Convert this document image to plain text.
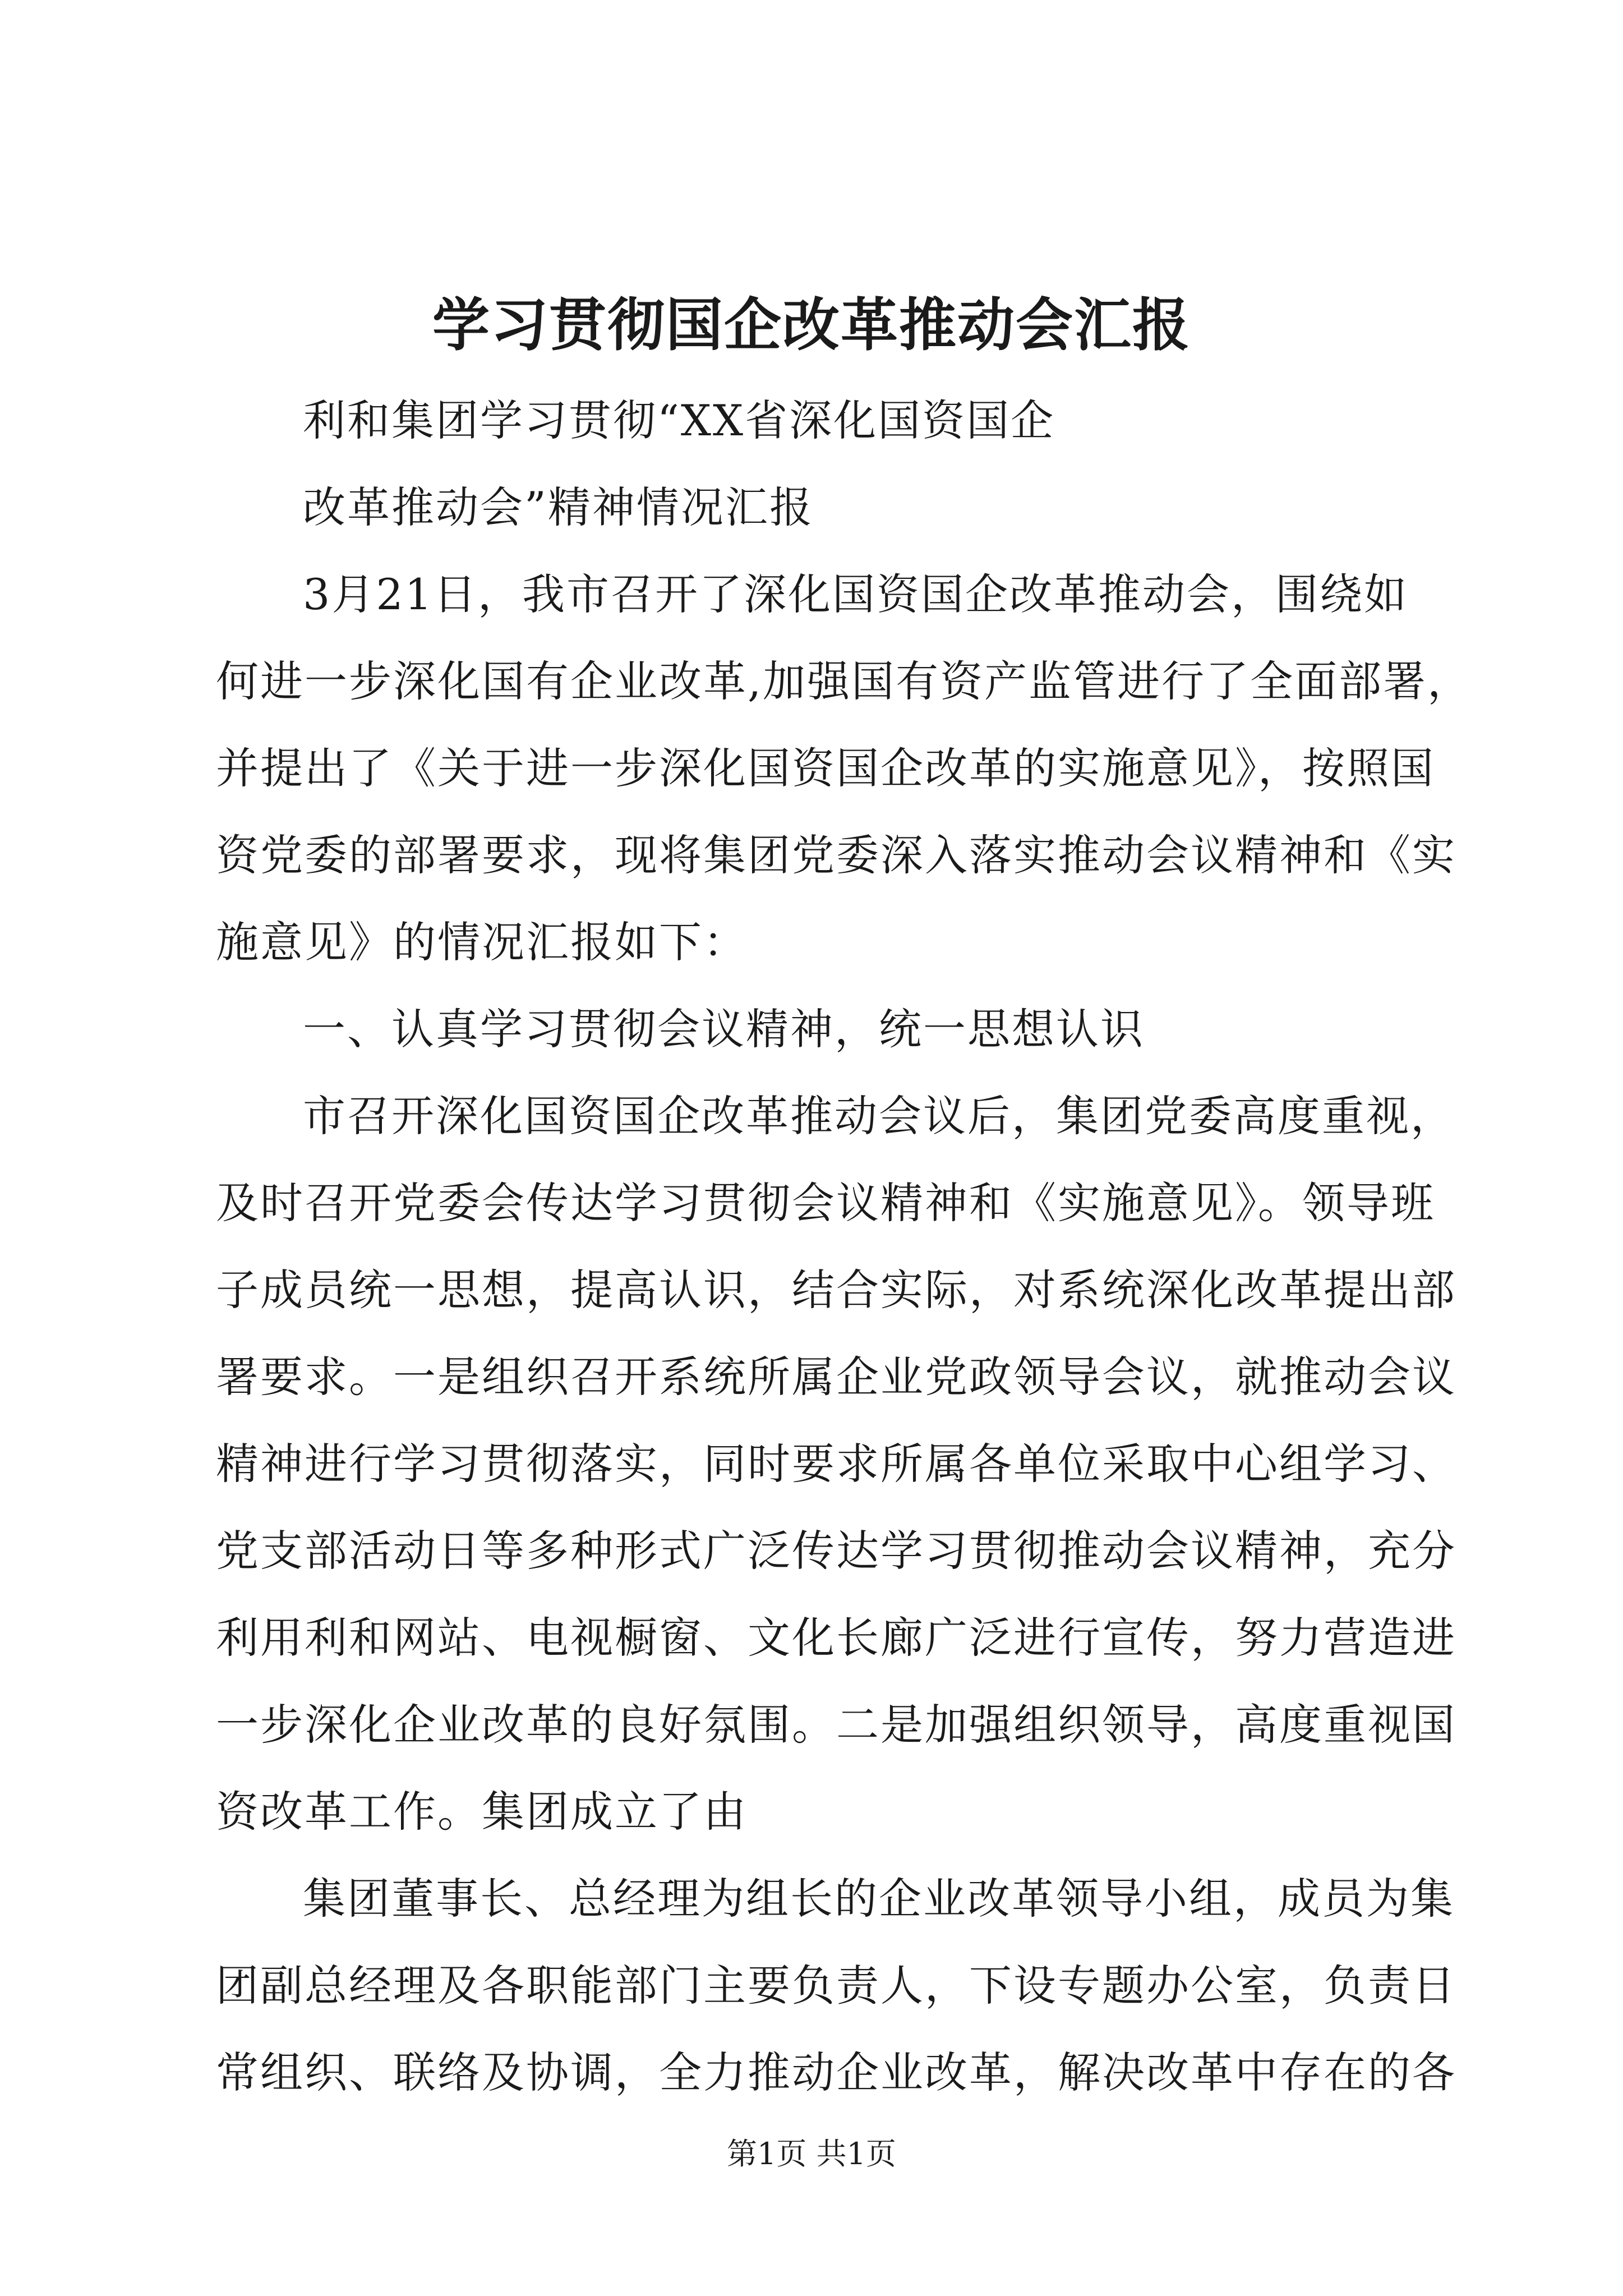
学习贯彻国企改革推动会汇报
利和集团学习贯彻“XX省深化国资国企
改革推动会”精神情况汇报
3月21日，我市召开了深化国资国企改革推动会，围绕如
何进一步深化国有企业改革,加强国有资产监管进行了全面部署，
并提出了《关于进一步深化国资国企改革的实施意见》，按照国
资党委的部署要求，现将集团党委深入落实推动会议精神和《实
施意见》的情况汇报如下：
一、认真学习贯彻会议精神，统一思想认识
市召开深化国资国企改革推动会议后，集团党委高度重视，
及时召开党委会传达学习贯彻会议精神和《实施意见》。领导班
子成员统一思想，提高认识，结合实际，对系统深化改革提出部
署要求。一是组织召开系统所属企业党政领导会议，就推动会议
精神进行学习贯彻落实，同时要求所属各单位采取中心组学习、
党支部活动日等多种形式广泛传达学习贯彻推动会议精神，充分
利用利和网站、电视橱窗、文化长廊广泛进行宣传，努力营造进
一步深化企业改革的良好氛围。二是加强组织领导，高度重视国
资改革工作。集团成立了由
集团董事长、总经理为组长的企业改革领导小组，成员为集
团副总经理及各职能部门主要负责人，下设专题办公室，负责日
常组织、联络及协调，全力推动企业改革，解决改革中存在的各
第1页 共1页
